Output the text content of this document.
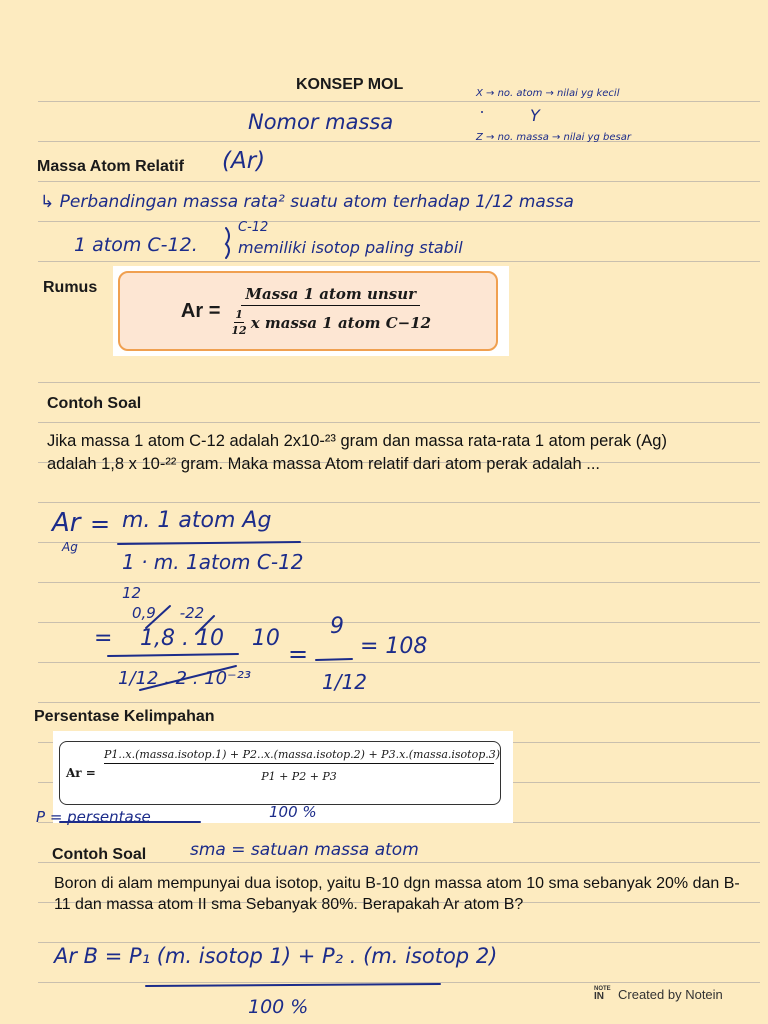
KONSEP MOL
Nomor massa
X → no. atom → nilai yg kecil
Y
Z → no. massa → nilai yg besar
Massa Atom Relatif (Ar)
↳ Perbandingan massa rata² suatu atom terhadap 1/12 massa
1 atom C-12.
C-12
memiliki isotop paling stabil
Rumus
$Ar = \frac{\text{Massa 1 atom unsur}}{\frac{1}{12} x massa 1 atom C-12}$
Contoh Soal
Jika massa 1 atom C-12 adalah 2x10-²³ gram dan massa rata-rata 1 atom perak (Ag) adalah 1,8 x 10-²² gram. Maka massa Atom relatif dari atom perak adalah ...
Ar
Ag
= m. 1 atom Ag
1 · m. 1atom C-12
12
0,9     -22
= 1,8 . 10    10
1/12 . 2 . 10⁻²³
=
9
1/12
= 108
Persentase Kelimpahan
Ar =
P1..x.(massa.isotop.1) + P2..x.(massa.isotop.2) + P3.x.(massa.isotop.3)
P1 + P2 + P3
100 %
P = persentase
Contoh Soal	sma = satuan massa atom
Boron di alam mempunyai dua isotop, yaitu B-10 dgn massa atom 10 sma sebanyak 20% dan B-11 dan massa atom II sma Sebanyak 80%. Berapakah Ar atom B?
Ar B = P₁ (m. isotop 1) + P₂ . (m. isotop 2)
100 %
NOTE
IN	Created by Notein
